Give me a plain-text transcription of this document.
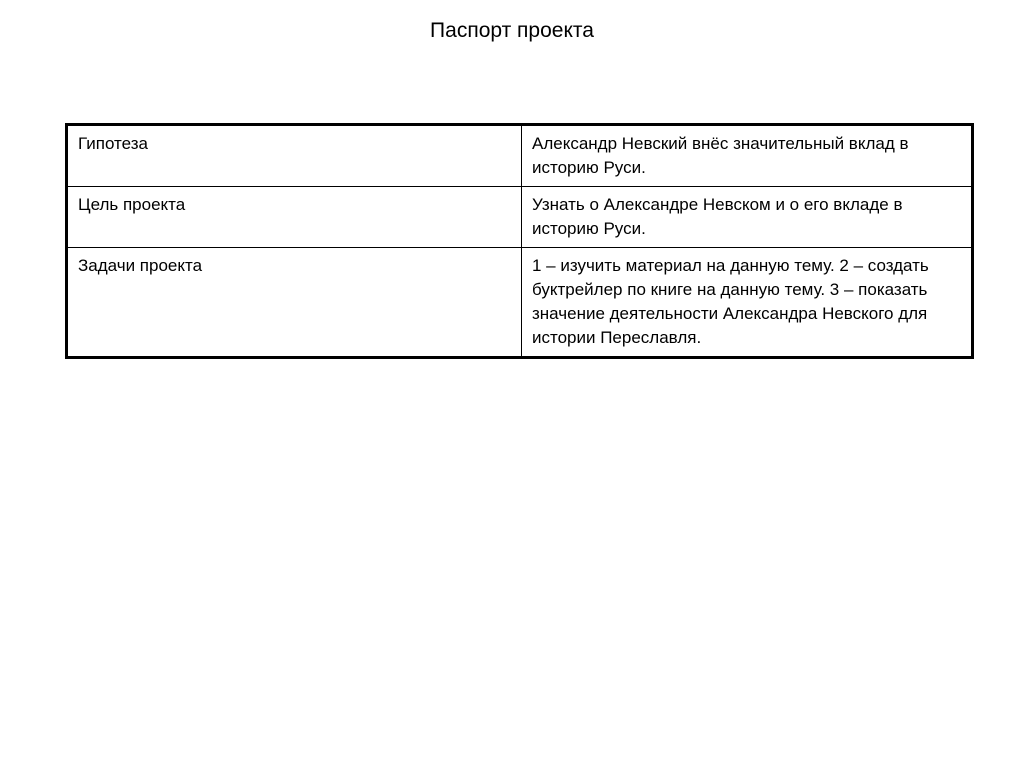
Паспорт проекта
Гипотеза	Александр Невский внёс значительный вклад в историю Руси.
Цель проекта	Узнать о Александре Невском и о его вкладе в историю Руси.
Задачи проекта	1 – изучить материал на данную тему. 2 – создать буктрейлер по книге на данную тему. 3 – показать значение деятельности Александра Невского для истории Переславля.
